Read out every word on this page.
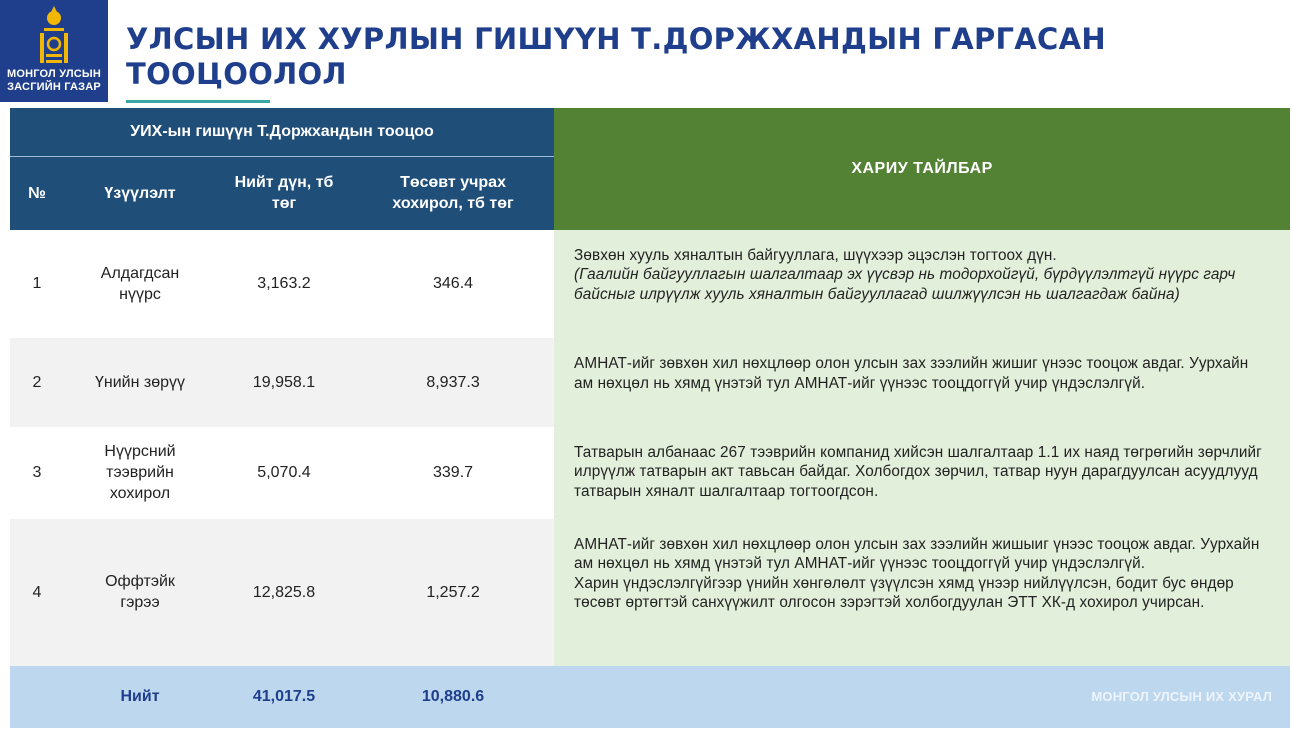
МОНГОЛ УЛСЫН
ЗАСГИЙН ГАЗАР
УЛСЫН ИХ ХУРЛЫН ГИШҮҮН Т.ДОРЖХАНДЫН ГАРГАСАН
ТООЦООЛОЛ
УИХ-ын гишүүн Т.Доржхандын тооцоо				ХАРИУ ТАЙЛБАР
№	Үзүүлэлт	Нийт дүн, тб төг	Төсөвт учрах хохирол, тб төг	
1	Алдагдсан нүүрс	3,163.2	346.4	Зөвхөн хууль хяналтын байгууллага, шүүхээр эцэслэн тогтоох дүн.
(Гаалийн байгууллагын шалгалтаар эх үүсвэр нь тодорхойгүй, бүрдүүлэлтгүй нүүрс гарч байсныг илрүүлж хууль хяналтын байгууллагад шилжүүлсэн нь шалгагдаж байна)

2	Үнийн зөрүү	19,958.1	8,937.3	АМНАТ-ийг зөвхөн хил нөхцлөөр олон улсын зах зээлийн жишиг үнээс тооцож авдаг. Уурхайн ам нөхцөл нь хямд үнэтэй тул АМНАТ-ийг үүнээс тооцдоггүй учир үндэслэлгүй.

3	Нүүрсний тээврийн хохирол	5,070.4	339.7	Татварын албанаас 267 тээврийн компанид хийсэн шалгалтаар 1.1 их наяд төгрөгийн зөрчлийг илрүүлж татварын акт тавьсан байдаг. Холбогдох зөрчил, татвар нуун дарагдуулсан асуудлууд татварын хяналт шалгалтаар тогтоогдсон.

4	Оффтэйк гэрээ	12,825.8	1,257.2	АМНАТ-ийг зөвхөн хил нөхцлөөр олон улсын зах зээлийн жишыиг үнээс тооцож авдаг. Уурхайн ам нөхцөл нь хямд үнэтэй тул АМНАТ-ийг үүнээс тооцдоггүй учир үндэслэлгүй.
Харин үндэслэлгүйгээр үнийн хөнгөлөлт үзүүлсэн хямд үнээр нийлүүлсэн, бодит бус өндөр төсөвт өртөгтэй санхүүжилт олгосон зэрэгтэй холбогдуулан ЭТТ ХК-д хохирол учирсан.

	Нийт	41,017.5	10,880.6	МОНГОЛ УЛСЫН ИХ ХУРАЛ
